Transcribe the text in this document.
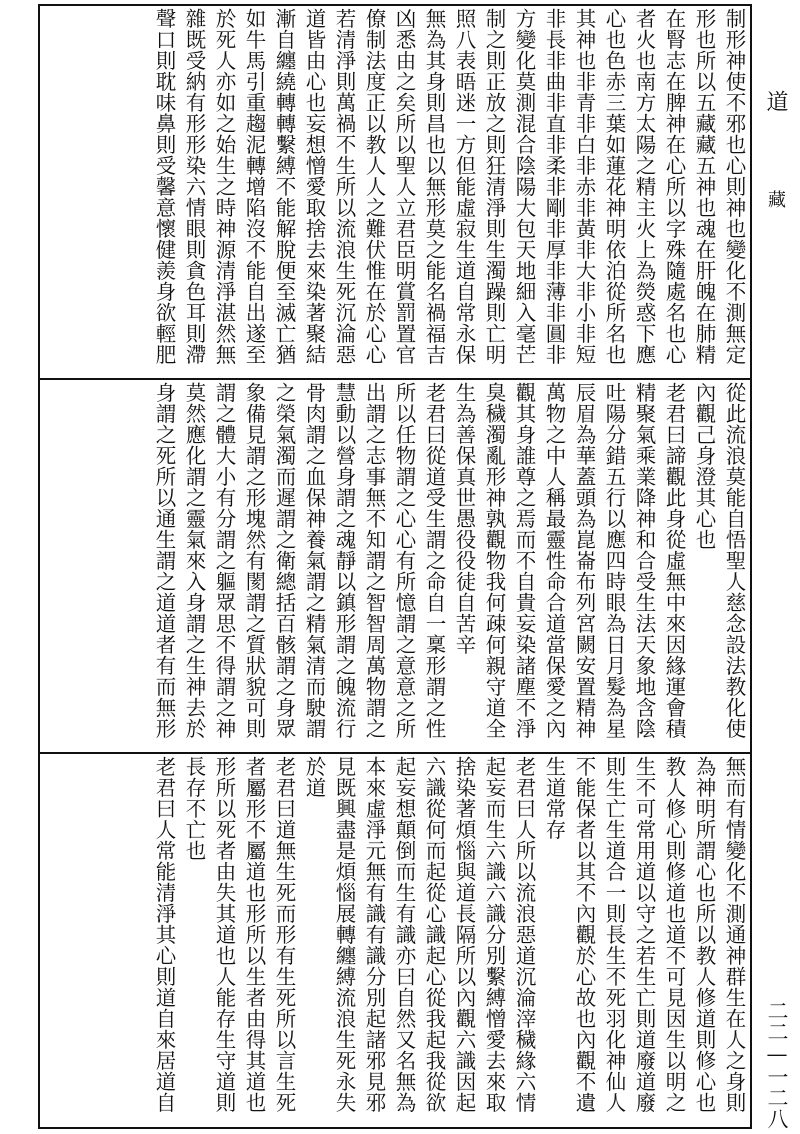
制形神使不邪也心則神也變化不測無定
形也所以五藏藏五神也魂在肝魄在肺精
在腎志在脾神在心所以字殊隨處名也心
者火也南方太陽之精主火上為熒惑下應
心也色赤三葉如蓮花神明依泊從所名也
其神也非青非白非赤非黃非大非小非短
非長非曲非直非柔非剛非厚非薄非圓非
方變化莫測混合陰陽大包天地細入毫芒
制之則正放之則狂清淨則生濁躁則亡明
照八表晤迷一方但能虛寂生道自常永保
無為其身則昌也以無形莫之能名禍福吉
凶悉由之矣所以聖人立君臣明賞罰置官
僚制法度正以教人人之難伏惟在於心心
若清淨則萬禍不生所以流浪生死沉淪惡
道皆由心也妄想憎愛取捨去來染著聚結
漸自纏繞轉轉繫縛不能解脫便至滅亡猶
如牛馬引重趨泥轉增陷沒不能自出遂至
於死人亦如之始生之時神源清淨湛然無
雜既受納有形形染六情眼則貪色耳則滯
聲口則耽味鼻則受馨意懷健羨身欲輕肥
從此流浪莫能自悟聖人慈念設法教化使
內觀己身澄其心也
老君曰諦觀此身從虛無中來因緣運會積
精聚氣乘業降神和合受生法天象地含陰
吐陽分錯五行以應四時眼為日月髮為星
辰眉為華蓋頭為崑崙布列宮闕安置精神
萬物之中人稱最靈性命合道當保愛之內
觀其身誰尊之焉而不自貴妄染諸塵不淨
臭穢濁亂形神孰觀物我何疎何親守道全
生為善保真世愚役役徒自苦辛
老君曰從道受生謂之命自一稟形謂之性
所以任物謂之心心有所憶謂之意意之所
出謂之志事無不知謂之智智周萬物謂之
慧動以營身謂之魂靜以鎮形謂之魄流行
骨肉謂之血保神養氣謂之精氣清而駛謂
之榮氣濁而遲謂之衛總括百骸謂之身眾
象備見謂之形塊然有閡謂之質狀貌可則
謂之體大小有分謂之軀眾思不得謂之神
莫然應化謂之靈氣來入身謂之生神去於
身謂之死所以通生謂之道道者有而無形
無而有情變化不測通神群生在人之身則
為神明所謂心也所以教人修道則修心也
教人修心則修道也道不可見因生以明之
生不可常用道以守之若生亡則道廢道廢
則生亡生道合一則長生不死羽化神仙人
不能保者以其不內觀於心故也內觀不遺
生道常存
老君曰人所以流浪惡道沉淪滓穢緣六情
起妄而生六識六識分別繫縛憎愛去來取
捨染著煩惱與道長隔所以內觀六識因起
六識從何而起從心識起心從我起我從欲
起妄想顛倒而生有識亦曰自然又名無為
本來虛淨元無有識有識分別起諸邪見邪
見既興盡是煩惱展轉纏縛流浪生死永失
於道
老君曰道無生死而形有生死所以言生死
者屬形不屬道也形所以生者由得其道也
形所以死者由失其道也人能存生守道則
長存不亡也
老君曰人常能清淨其心則道自來居道自
道
藏
二二—一二八
